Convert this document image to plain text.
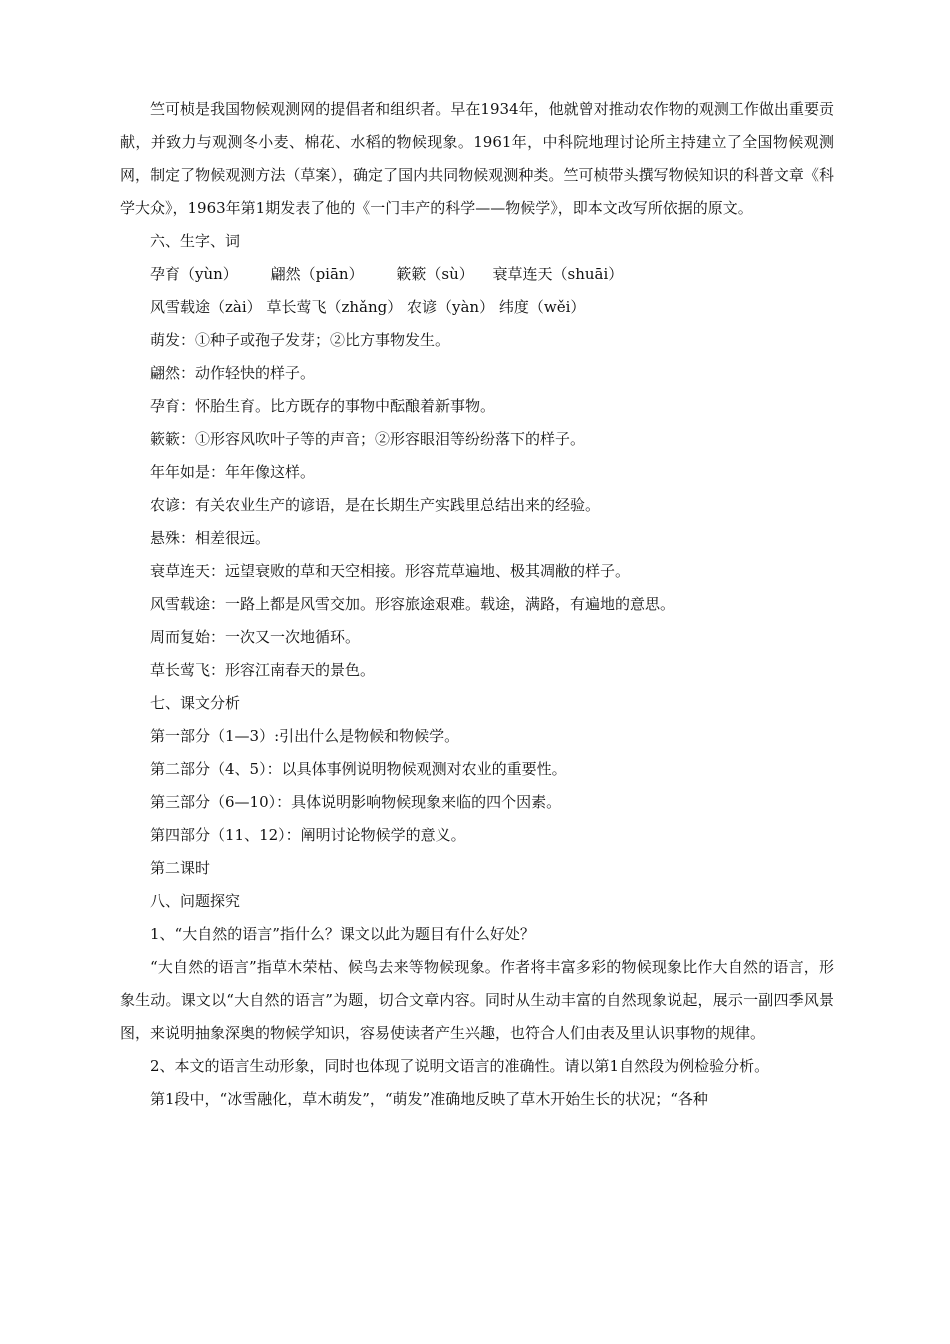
竺可桢是我国物候观测网的提倡者和组织者。早在1934年，他就曾对推动农作物的观测工作做出重要贡献，并致力与观测冬小麦、棉花、水稻的物候现象。1961年，中科院地理讨论所主持建立了全国物候观测网，制定了物候观测方法（草案），确定了国内共同物候观测种类。竺可桢带头撰写物候知识的科普文章《科学大众》，1963年第1期发表了他的《一门丰产的科学——物候学》，即本文改写所依据的原文。

六、生字、词

孕育（yùn） 翩然（piān） 簌簌（sù） 衰草连天（shuāi）

风雪载途（zài） 草长莺飞（zhǎng） 农谚（yàn） 纬度（wěi）

萌发：①种子或孢子发芽；②比方事物发生。

翩然：动作轻快的样子。

孕育：怀胎生育。比方既存的事物中酝酿着新事物。

簌簌：①形容风吹叶子等的声音；②形容眼泪等纷纷落下的样子。

年年如是：年年像这样。

农谚：有关农业生产的谚语，是在长期生产实践里总结出来的经验。

悬殊：相差很远。

衰草连天：远望衰败的草和天空相接。形容荒草遍地、极其凋敝的样子。

风雪载途：一路上都是风雪交加。形容旅途艰难。载途，满路，有遍地的意思。

周而复始：一次又一次地循环。

草长莺飞：形容江南春天的景色。

七、课文分析

第一部分（1—3）:引出什么是物候和物候学。

第二部分（4、5）：以具体事例说明物候观测对农业的重要性。

第三部分（6—10）：具体说明影响物候现象来临的四个因素。

第四部分（11、12）：阐明讨论物候学的意义。

第二课时

八、问题探究

1、“大自然的语言”指什么？课文以此为题目有什么好处？

“大自然的语言”指草木荣枯、候鸟去来等物候现象。作者将丰富多彩的物候现象比作大自然的语言，形象生动。课文以“大自然的语言”为题，切合文章内容。同时从生动丰富的自然现象说起，展示一副四季风景图，来说明抽象深奥的物候学知识，容易使读者产生兴趣，也符合人们由表及里认识事物的规律。

2、本文的语言生动形象，同时也体现了说明文语言的准确性。请以第1自然段为例检验分析。

第1段中，“冰雪融化，草木萌发”，“萌发”准确地反映了草木开始生长的状况；“各种
